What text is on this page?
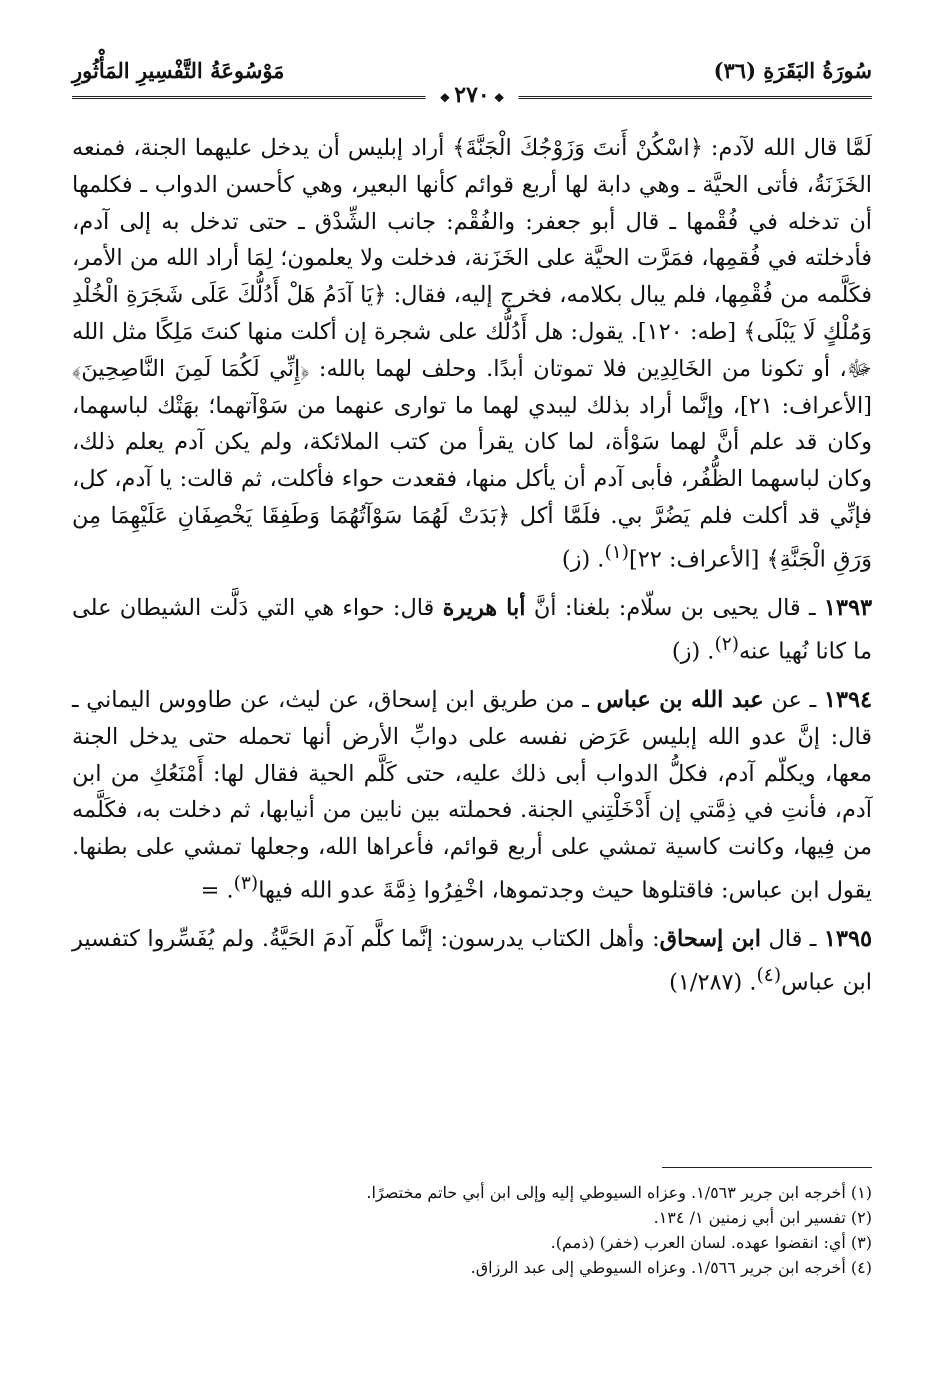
سُورَةُ البَقَرَةِ (٣٦)
مَوْسُوعَةُ التَّفْسِيرِ المَأْثُورِ
❖٢٧٠❖

لَمَّا قال الله لآدم: ﴿اسْكُنْ أَنتَ وَزَوْجُكَ الْجَنَّةَ﴾ أراد إبليس أن يدخل عليهما الجنة، فمنعه الخَزَنَةُ، فأتى الحيَّة ـ وهي دابة لها أربع قوائم كأنها البعير، وهي كأحسن الدواب ـ فكلمها أن تدخله في فُقْمها ـ قال أبو جعفر: والفُقْم: جانب الشِّدْق ـ حتى تدخل به إلى آدم، فأدخلته في فُقمِها، فمَرَّت الحيَّة على الخَزَنة، فدخلت ولا يعلمون؛ لِمَا أراد الله من الأمر، فكَلَّمه من فُقْمِها، فلم يبال بكلامه، فخرج إليه، فقال: ﴿يَا آدَمُ هَلْ أَدُلُّكَ عَلَى شَجَرَةِ الْخُلْدِ وَمُلْكٍ لَا يَبْلَى﴾ [طه: ١٢٠]. يقول: هل أَدُلُّك على شجرة إن أكلت منها كنتَ مَلِكًا مثل الله ﷻ، أو تكونا من الخَالِدِين فلا تموتان أبدًا. وحلف لهما بالله: ﴿إِنِّي لَكُمَا لَمِنَ النَّاصِحِينَ﴾ [الأعراف: ٢١]، وإنَّما أراد بذلك ليبدي لهما ما توارى عنهما من سَوْآتهما؛ بهَتْك لباسهما، وكان قد علم أنَّ لهما سَوْأة، لما كان يقرأ من كتب الملائكة، ولم يكن آدم يعلم ذلك، وكان لباسهما الظُّفُر، فأبى آدم أن يأكل منها، فقعدت حواء فأكلت، ثم قالت: يا آدم، كل، فإنِّي قد أكلت فلم يَضُرَّ بي. فلَمَّا أكل ﴿بَدَتْ لَهُمَا سَوْآتُهُمَا وَطَفِقَا يَخْصِفَانِ عَلَيْهِمَا مِن وَرَقِ الْجَنَّةِ﴾ [الأعراف: ٢٢]$^{(١)}$. (ز)

١٣٩٣ ـ قال يحيى بن سلّام: بلغنا: أنَّ أبا هريرة قال: حواء هي التي دَلَّت الشيطان على ما كانا نُهيا عنه$^{(٢)}$. (ز)

١٣٩٤ ـ عن عبد الله بن عباس ـ من طريق ابن إسحاق، عن ليث، عن طاووس اليماني ـ قال: إنَّ عدو الله إبليس عَرَض نفسه على دوابِّ الأرض أنها تحمله حتى يدخل الجنة معها، ويكلّم آدم، فكلُّ الدواب أبى ذلك عليه، حتى كَلَّم الحية فقال لها: أَمْنَعُكِ من ابن آدم، فأنتِ في ذِمَّتي إن أَدْخَلْتِني الجنة. فحملته بين نابين من أنيابها، ثم دخلت به، فكَلَّمه من فِيها، وكانت كاسية تمشي على أربع قوائم، فأعراها الله، وجعلها تمشي على بطنها. يقول ابن عباس: فاقتلوها حيث وجدتموها، اخْفِرُوا ذِمَّةَ عدو الله فيها$^{(٣)}$. =

١٣٩٥ ـ قال ابن إسحاق: وأهل الكتاب يدرسون: إنَّما كلَّم آدمَ الحَيَّةُ. ولم يُفَسِّروا كتفسير ابن عباس$^{(٤)}$. (١/٢٨٧)

(١) أخرجه ابن جرير ١/٥٦٣. وعزاه السيوطي إليه وإلى ابن أبي حاتم مختصرًا.
(٢) تفسير ابن أبي زمنين ١/ ١٣٤.
(٣) أي: انقضوا عهده. لسان العرب (خفر) (ذمم).
(٤) أخرجه ابن جرير ١/٥٦٦. وعزاه السيوطي إلى عبد الرزاق.
